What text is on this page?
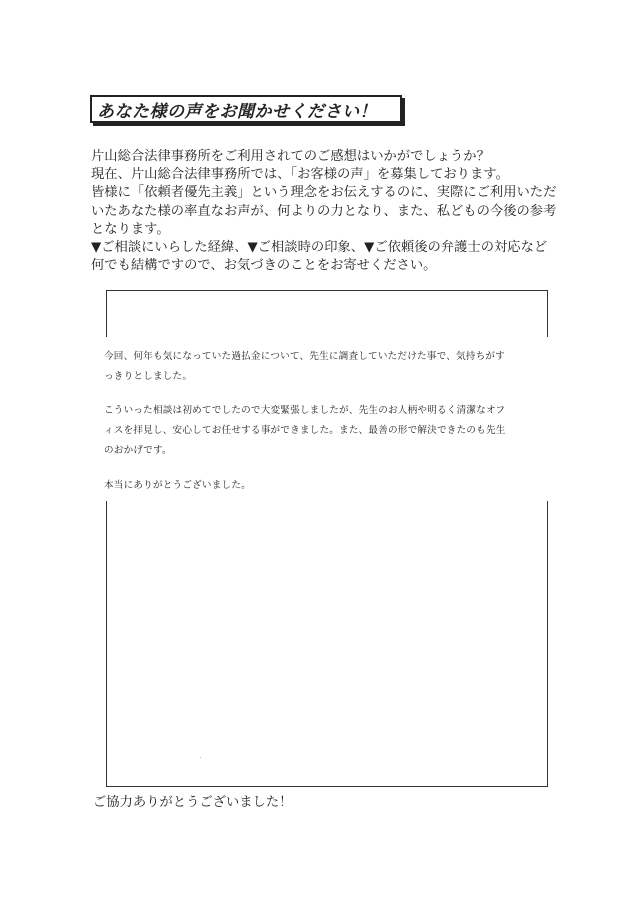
あなた様の声をお聞かせください！
片山総合法律事務所をご利用されてのご感想はいかがでしょうか？
現在、片山総合法律事務所では、「お客様の声」を募集しております。
皆様に「依頼者優先主義」という理念をお伝えするのに、実際にご利用いただ
いたあなた様の率直なお声が、何よりの力となり、また、私どもの今後の参考
となります。
▼ご相談にいらした経緯、▼ご相談時の印象、▼ご依頼後の弁護士の対応など
何でも結構ですので、お気づきのことをお寄せください。
今回、何年も気になっていた過払金について、先生に調査していただけた事で、気持ちがす
っきりとしました。
こういった相談は初めてでしたので大変緊張しましたが、先生のお人柄や明るく清潔なオフ
ィスを拝見し、安心してお任せする事ができました。また、最善の形で解決できたのも先生
のおかげです。
本当にありがとうございました。
ご協力ありがとうございました！
